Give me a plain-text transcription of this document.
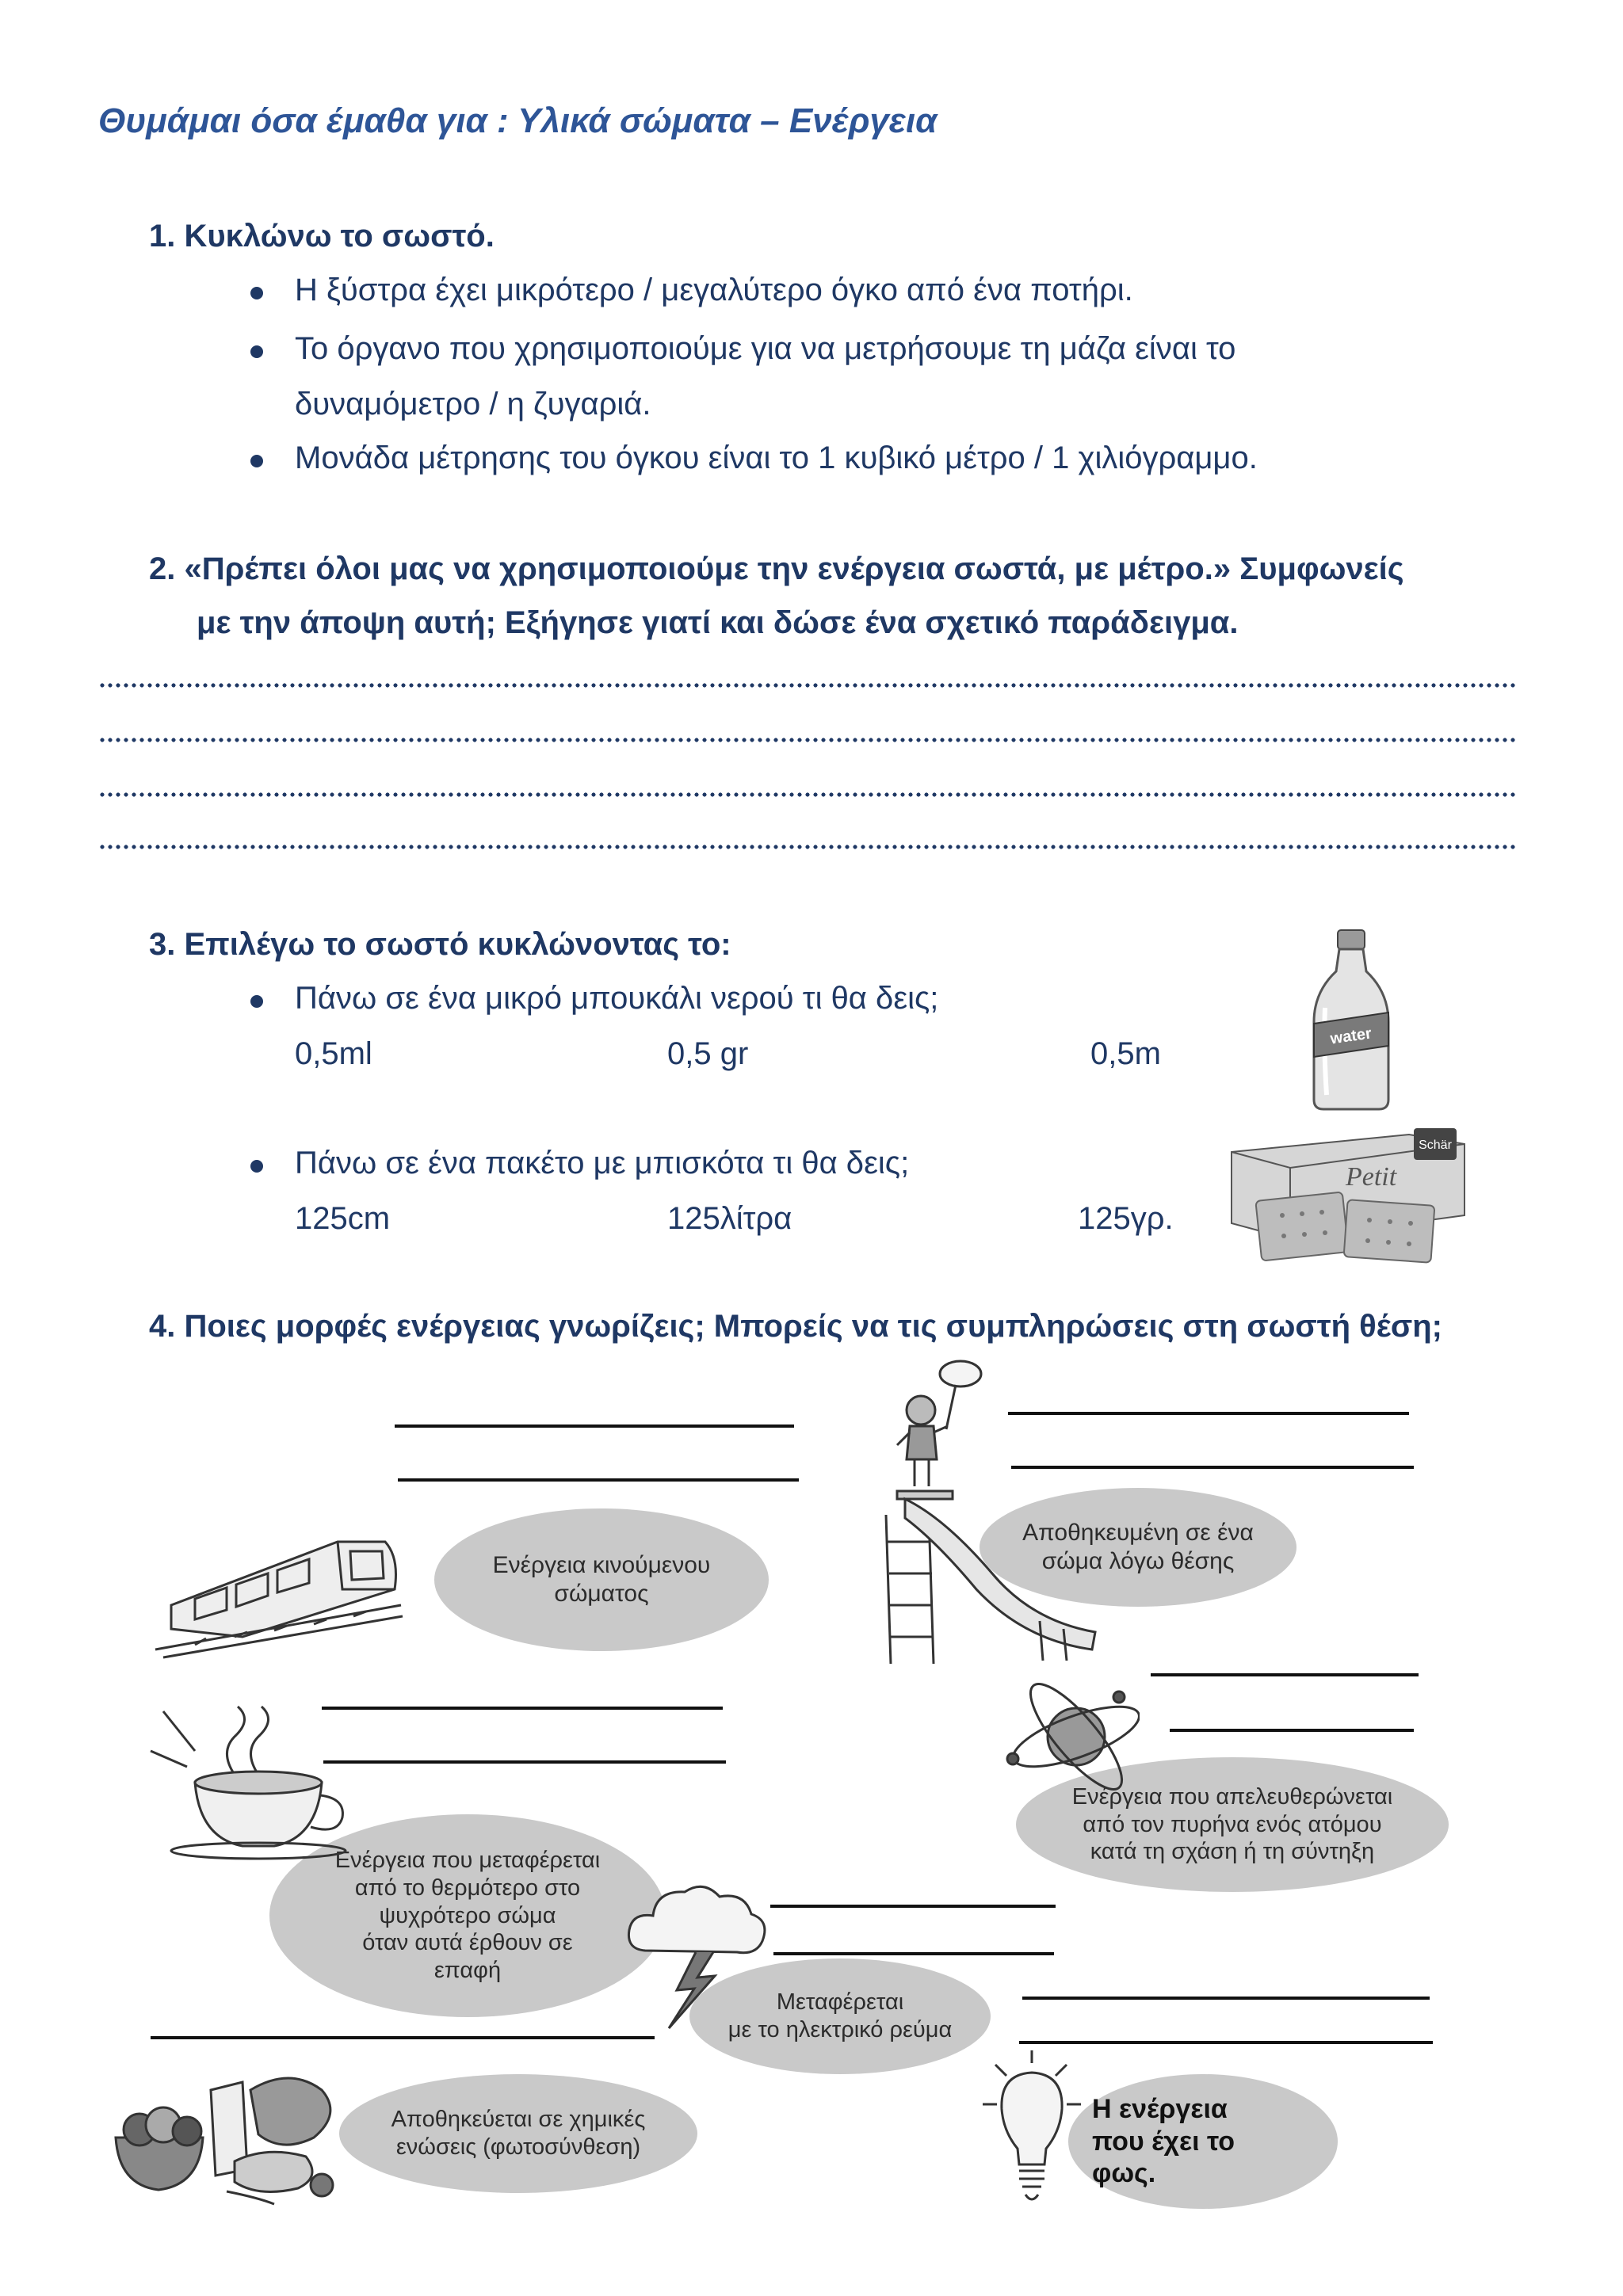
Θυμάμαι όσα έμαθα για : Υλικά σώματα – Ενέργεια
1. Κυκλώνω το σωστό.
Η ξύστρα έχει μικρότερο / μεγαλύτερο όγκο από ένα ποτήρι.
Το όργανο που χρησιμοποιούμε για να μετρήσουμε τη μάζα είναι το
δυναμόμετρο / η ζυγαριά.
Μονάδα μέτρησης του όγκου είναι το 1 κυβικό μέτρο / 1 χιλιόγραμμο.
2. «Πρέπει όλοι μας να χρησιμοποιούμε την ενέργεια σωστά, με μέτρο.» Συμφωνείς
με την άποψη αυτή; Εξήγησε γιατί και δώσε ένα σχετικό παράδειγμα.
3. Επιλέγω το σωστό κυκλώνοντας το:
Πάνω σε ένα μικρό μπουκάλι νερού τι θα δεις;
0,5ml	0,5 gr	0,5m
Πάνω σε ένα πακέτο με μπισκότα τι θα δεις;
125cm	125λίτρα	125γρ.
water
Schär
Petit
4. Ποιες μορφές ενέργειας γνωρίζεις; Μπορείς να τις συμπληρώσεις στη σωστή θέση;
Ενέργεια κινούμενου
σώματος
Αποθηκευμένη σε ένα
σώμα λόγω θέσης
Ενέργεια που μεταφέρεται
από το θερμότερο στο
ψυχρότερο σώμα
όταν αυτά έρθουν σε
επαφή
Ενέργεια που απελευθερώνεται
από τον πυρήνα ενός ατόμου
κατά τη σχάση ή τη σύντηξη
Μεταφέρεται
με το ηλεκτρικό ρεύμα
Αποθηκεύεται σε χημικές
ενώσεις (φωτοσύνθεση)
Η ενέργεια
που έχει το
φως.
